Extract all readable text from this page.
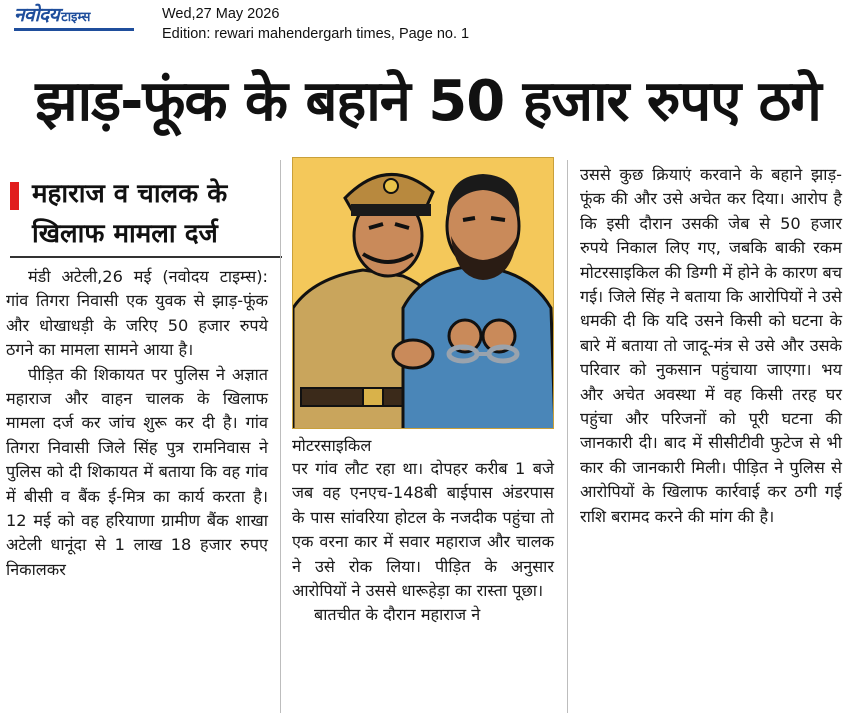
नवोदय टाइम्स	Wed,27 May 2026
Edition: rewari mahendergarh times, Page no. 1
झाड़-फूंक के बहाने 50 हजार रुपए ठगे
महाराज व चालक के खिलाफ मामला दर्ज

मंडी अटेली,26 मई (नवोदय टाइम्स): गांव तिगरा निवासी एक युवक से झाड़-फूंक और धोखाधड़ी के जरिए 50 हजार रुपये ठगने का मामला सामने आया है।

पीड़ित की शिकायत पर पुलिस ने अज्ञात महाराज और वाहन चालक के खिलाफ मामला दर्ज कर जांच शुरू कर दी है। गांव तिगरा निवासी जिले सिंह पुत्र रामनिवास ने पुलिस को दी शिकायत में बताया कि वह गांव में बीसी व बैंक ई-मित्र का कार्य करता है। 12 मई को वह हरियाणा ग्रामीण बैंक शाखा अटेली धानूंदा से 1 लाख 18 हजार रुपए निकालकर

मोटरसाइकिल

पर गांव लौट रहा था। दोपहर करीब 1 बजे जब वह एनएच-148बी बाईपास अंडरपास के पास सांवरिया होटल के नजदीक पहुंचा तो एक वरना कार में सवार महाराज और चालक ने उसे रोक लिया। पीड़ित के अनुसार आरोपियों ने उससे धारूहेड़ा का रास्ता पूछा।

बातचीत के दौरान महाराज ने

उससे कुछ क्रियाएं करवाने के बहाने झाड़-फूंक की और उसे अचेत कर दिया। आरोप है कि इसी दौरान उसकी जेब से 50 हजार रुपये निकाल लिए गए, जबकि बाकी रकम मोटरसाइकिल की डिग्गी में होने के कारण बच गई। जिले सिंह ने बताया कि आरोपियों ने उसे धमकी दी कि यदि उसने किसी को घटना के बारे में बताया तो जादू-मंत्र से उसे और उसके परिवार को नुकसान पहुंचाया जाएगा। भय और अचेत अवस्था में वह किसी तरह घर पहुंचा और परिजनों को पूरी घटना की जानकारी दी। बाद में सीसीटीवी फुटेज से भी कार की जानकारी मिली। पीड़ित ने पुलिस से आरोपियों के खिलाफ कार्रवाई कर ठगी गई राशि बरामद करने की मांग की है।
